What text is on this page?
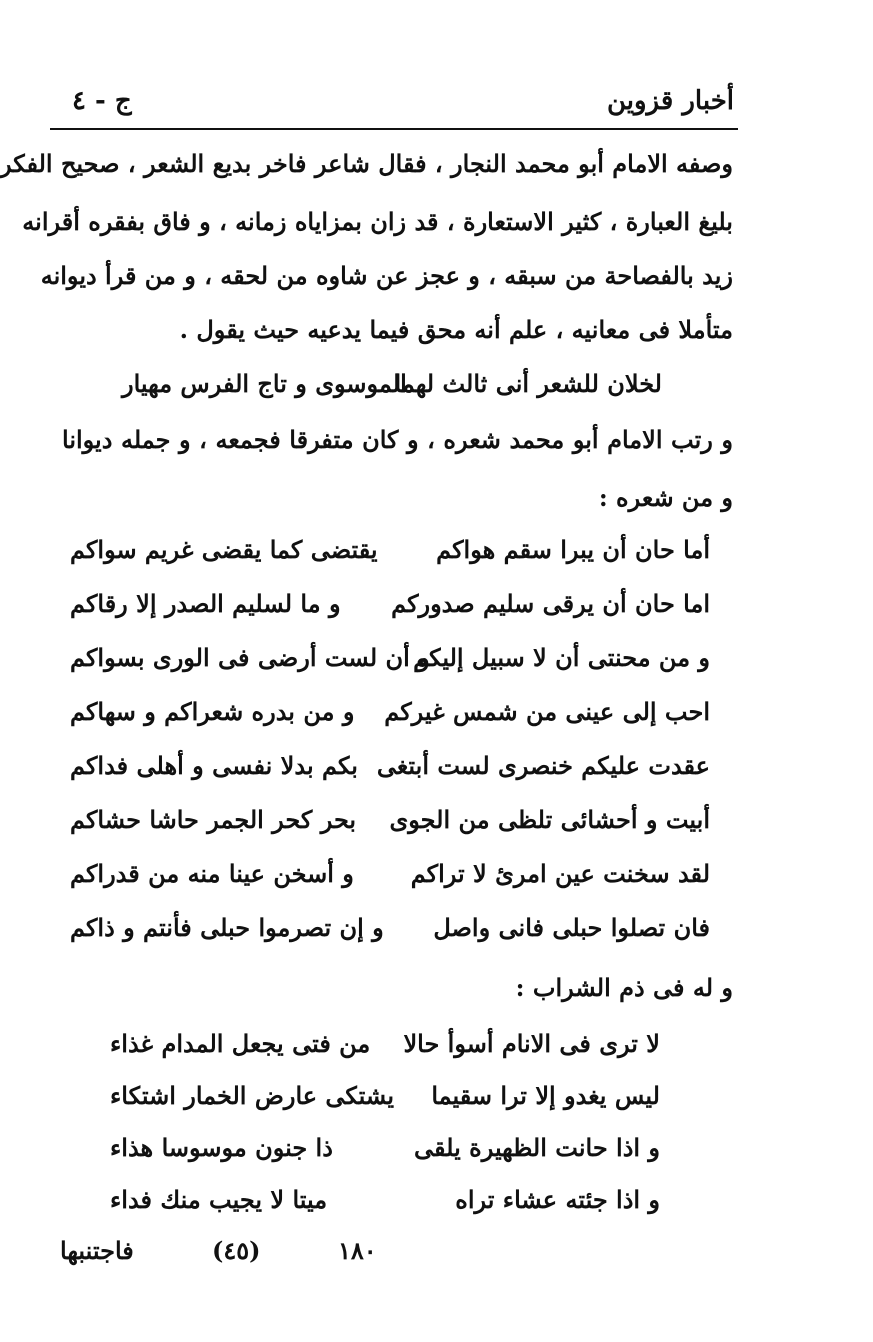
أخبار قزوين
ج - ٤
وصفه الامام أبو محمد النجار ، فقال شاعر فاخر بديع الشعر ، صحيح الفكر
بليغ العبارة ، كثير الاستعارة ، قد زان بمزاياه زمانه ، و فاق بفقره أقرانه
زيد بالفصاحة من سبقه ، و عجز عن شاوه من لحقه ، و من قرأ ديوانه
متأملا فى معانيه ، علم أنه محق فيما يدعيه حيث يقول .
لخلان للشعر أنى ثالث لهما
الموسوى و تاج الفرس مهيار
و رتب الامام أبو محمد شعره ، و كان متفرقا فجمعه ، و جمله ديوانا
و من شعره :
أما حان أن يبرا سقم هواكم
يقتضى كما يقضى غريم سواكم
اما حان أن يرقى سليم صدوركم
و ما لسليم الصدر إلا رقاكم
و من محنتى أن لا سبيل إليكم
و أن لست أرضى فى الورى بسواكم
احب إلى عينى من شمس غيركم
و من بدره شعراكم و سهاكم
عقدت عليكم خنصرى لست أبتغى
بكم بدلا نفسى و أهلى فداكم
أبيت و أحشائى تلظى من الجوى
بحر كحر الجمر حاشا حشاكم
لقد سخنت عين امرئ لا تراكم
و أسخن عينا منه من قدراكم
فان تصلوا حبلى فانى واصل
و إن تصرموا حبلى فأنتم و ذاكم
و له فى ذم الشراب :
لا ترى فى الانام أسوأ حالا
من فتى يجعل المدام غذاء
ليس يغدو إلا ترا سقيما
يشتكى عارض الخمار اشتكاء
و اذا حانت الظهيرة يلقى
ذا جنون موسوسا هذاء
و اذا جئته عشاء تراه
ميتا لا يجيب منك فداء
فاجتنبها	(٤٥)	١٨٠
